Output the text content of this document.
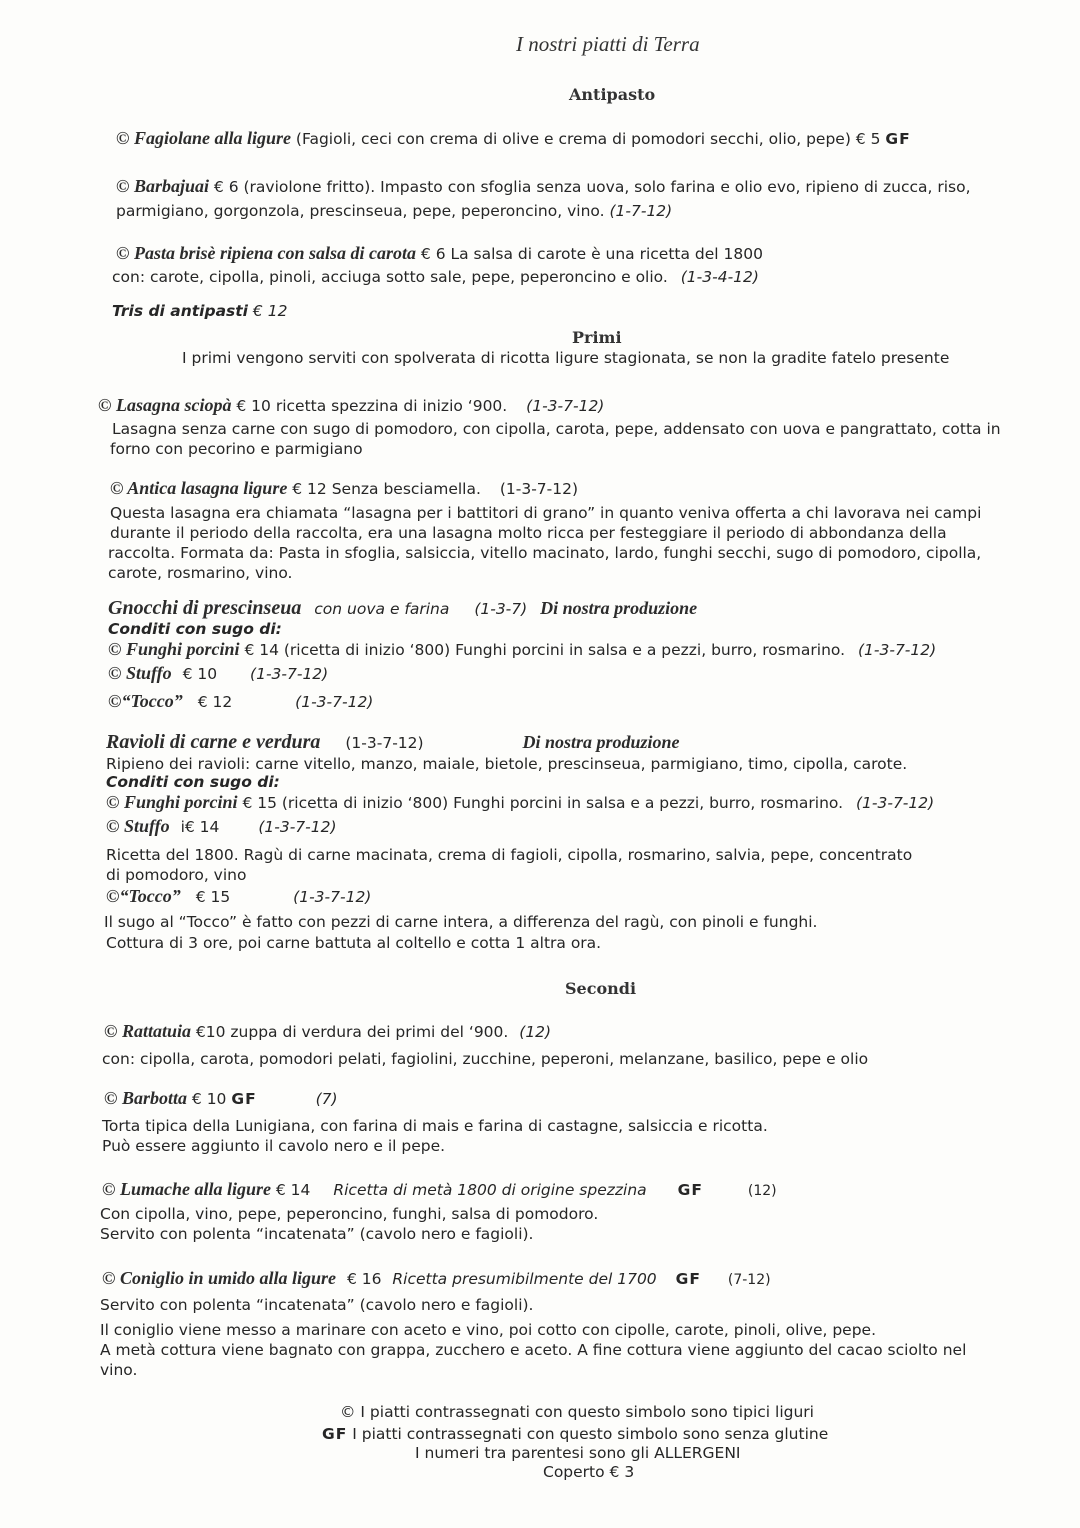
I nostri piatti di Terra
Antipasto
© Fagiolane alla ligure (Fagioli, ceci con crema di olive e crema di pomodori secchi, olio, pepe) € 5 GF
© Barbajuai € 6 (raviolone fritto). Impasto con sfoglia senza uova, solo farina e olio evo, ripieno di zucca, riso,
parmigiano, gorgonzola, prescinseua, pepe, peperoncino, vino. (1-7-12)
© Pasta brisè ripiena con salsa di carota € 6 La salsa di carote è una ricetta del 1800
con: carote, cipolla, pinoli, acciuga sotto sale, pepe, peperoncino e olio. (1-3-4-12)
Tris di antipasti € 12
Primi
I primi vengono serviti con spolverata di ricotta ligure stagionata, se non la gradite fatelo presente
© Lasagna sciopà € 10 ricetta spezzina di inizio ‘900. (1-3-7-12)
Lasagna senza carne con sugo di pomodoro, con cipolla, carota, pepe, addensato con uova e pangrattato, cotta in
forno con pecorino e parmigiano
© Antica lasagna ligure € 12 Senza besciamella. (1-3-7-12)
Questa lasagna era chiamata “lasagna per i battitori di grano” in quanto veniva offerta a chi lavorava nei campi
durante il periodo della raccolta, era una lasagna molto ricca per festeggiare il periodo di abbondanza della
raccolta. Formata da: Pasta in sfoglia, salsiccia, vitello macinato, lardo, funghi secchi, sugo di pomodoro, cipolla,
carote, rosmarino, vino.
Gnocchi di prescinseua con uova e farina (1-3-7) Di nostra produzione
Conditi con sugo di:
© Funghi porcini € 14 (ricetta di inizio ‘800) Funghi porcini in salsa e a pezzi, burro, rosmarino. (1-3-7-12)
© Stuffo € 10 (1-3-7-12)
©“Tocco” € 12	(1-3-7-12)
Ravioli di carne e verdura (1-3-7-12)	Di nostra produzione
Ripieno dei ravioli: carne vitello, manzo, maiale, bietole, prescinseua, parmigiano, timo, cipolla, carote.
Conditi con sugo di:
© Funghi porcini € 15 (ricetta di inizio ‘800) Funghi porcini in salsa e a pezzi, burro, rosmarino. (1-3-7-12)
© Stuffo i€ 14	(1-3-7-12)
Ricetta del 1800. Ragù di carne macinata, crema di fagioli, cipolla, rosmarino, salvia, pepe, concentrato
di pomodoro, vino
©“Tocco” € 15	(1-3-7-12)
Il sugo al “Tocco” è fatto con pezzi di carne intera, a differenza del ragù, con pinoli e funghi.
Cottura di 3 ore, poi carne battuta al coltello e cotta 1 altra ora.
Secondi
© Rattatuia €10 zuppa di verdura dei primi del ‘900. (12)
con: cipolla, carota, pomodori pelati, fagiolini, zucchine, peperoni, melanzane, basilico, pepe e olio
© Barbotta € 10 GF	(7)
Torta tipica della Lunigiana, con farina di mais e farina di castagne, salsiccia e ricotta.
Può essere aggiunto il cavolo nero e il pepe.
© Lumache alla ligure € 14 Ricetta di metà 1800 di origine spezzina GF	(12)
Con cipolla, vino, pepe, peperoncino, funghi, salsa di pomodoro.
Servito con polenta “incatenata” (cavolo nero e fagioli).
© Coniglio in umido alla ligure € 16 Ricetta presumibilmente del 1700 GF (7-12)
Servito con polenta “incatenata” (cavolo nero e fagioli).
Il coniglio viene messo a marinare con aceto e vino, poi cotto con cipolle, carote, pinoli, olive, pepe.
A metà cottura viene bagnato con grappa, zucchero e aceto. A fine cottura viene aggiunto del cacao sciolto nel
vino.
© I piatti contrassegnati con questo simbolo sono tipici liguri
GF I piatti contrassegnati con questo simbolo sono senza glutine
I numeri tra parentesi sono gli ALLERGENI
Coperto € 3
